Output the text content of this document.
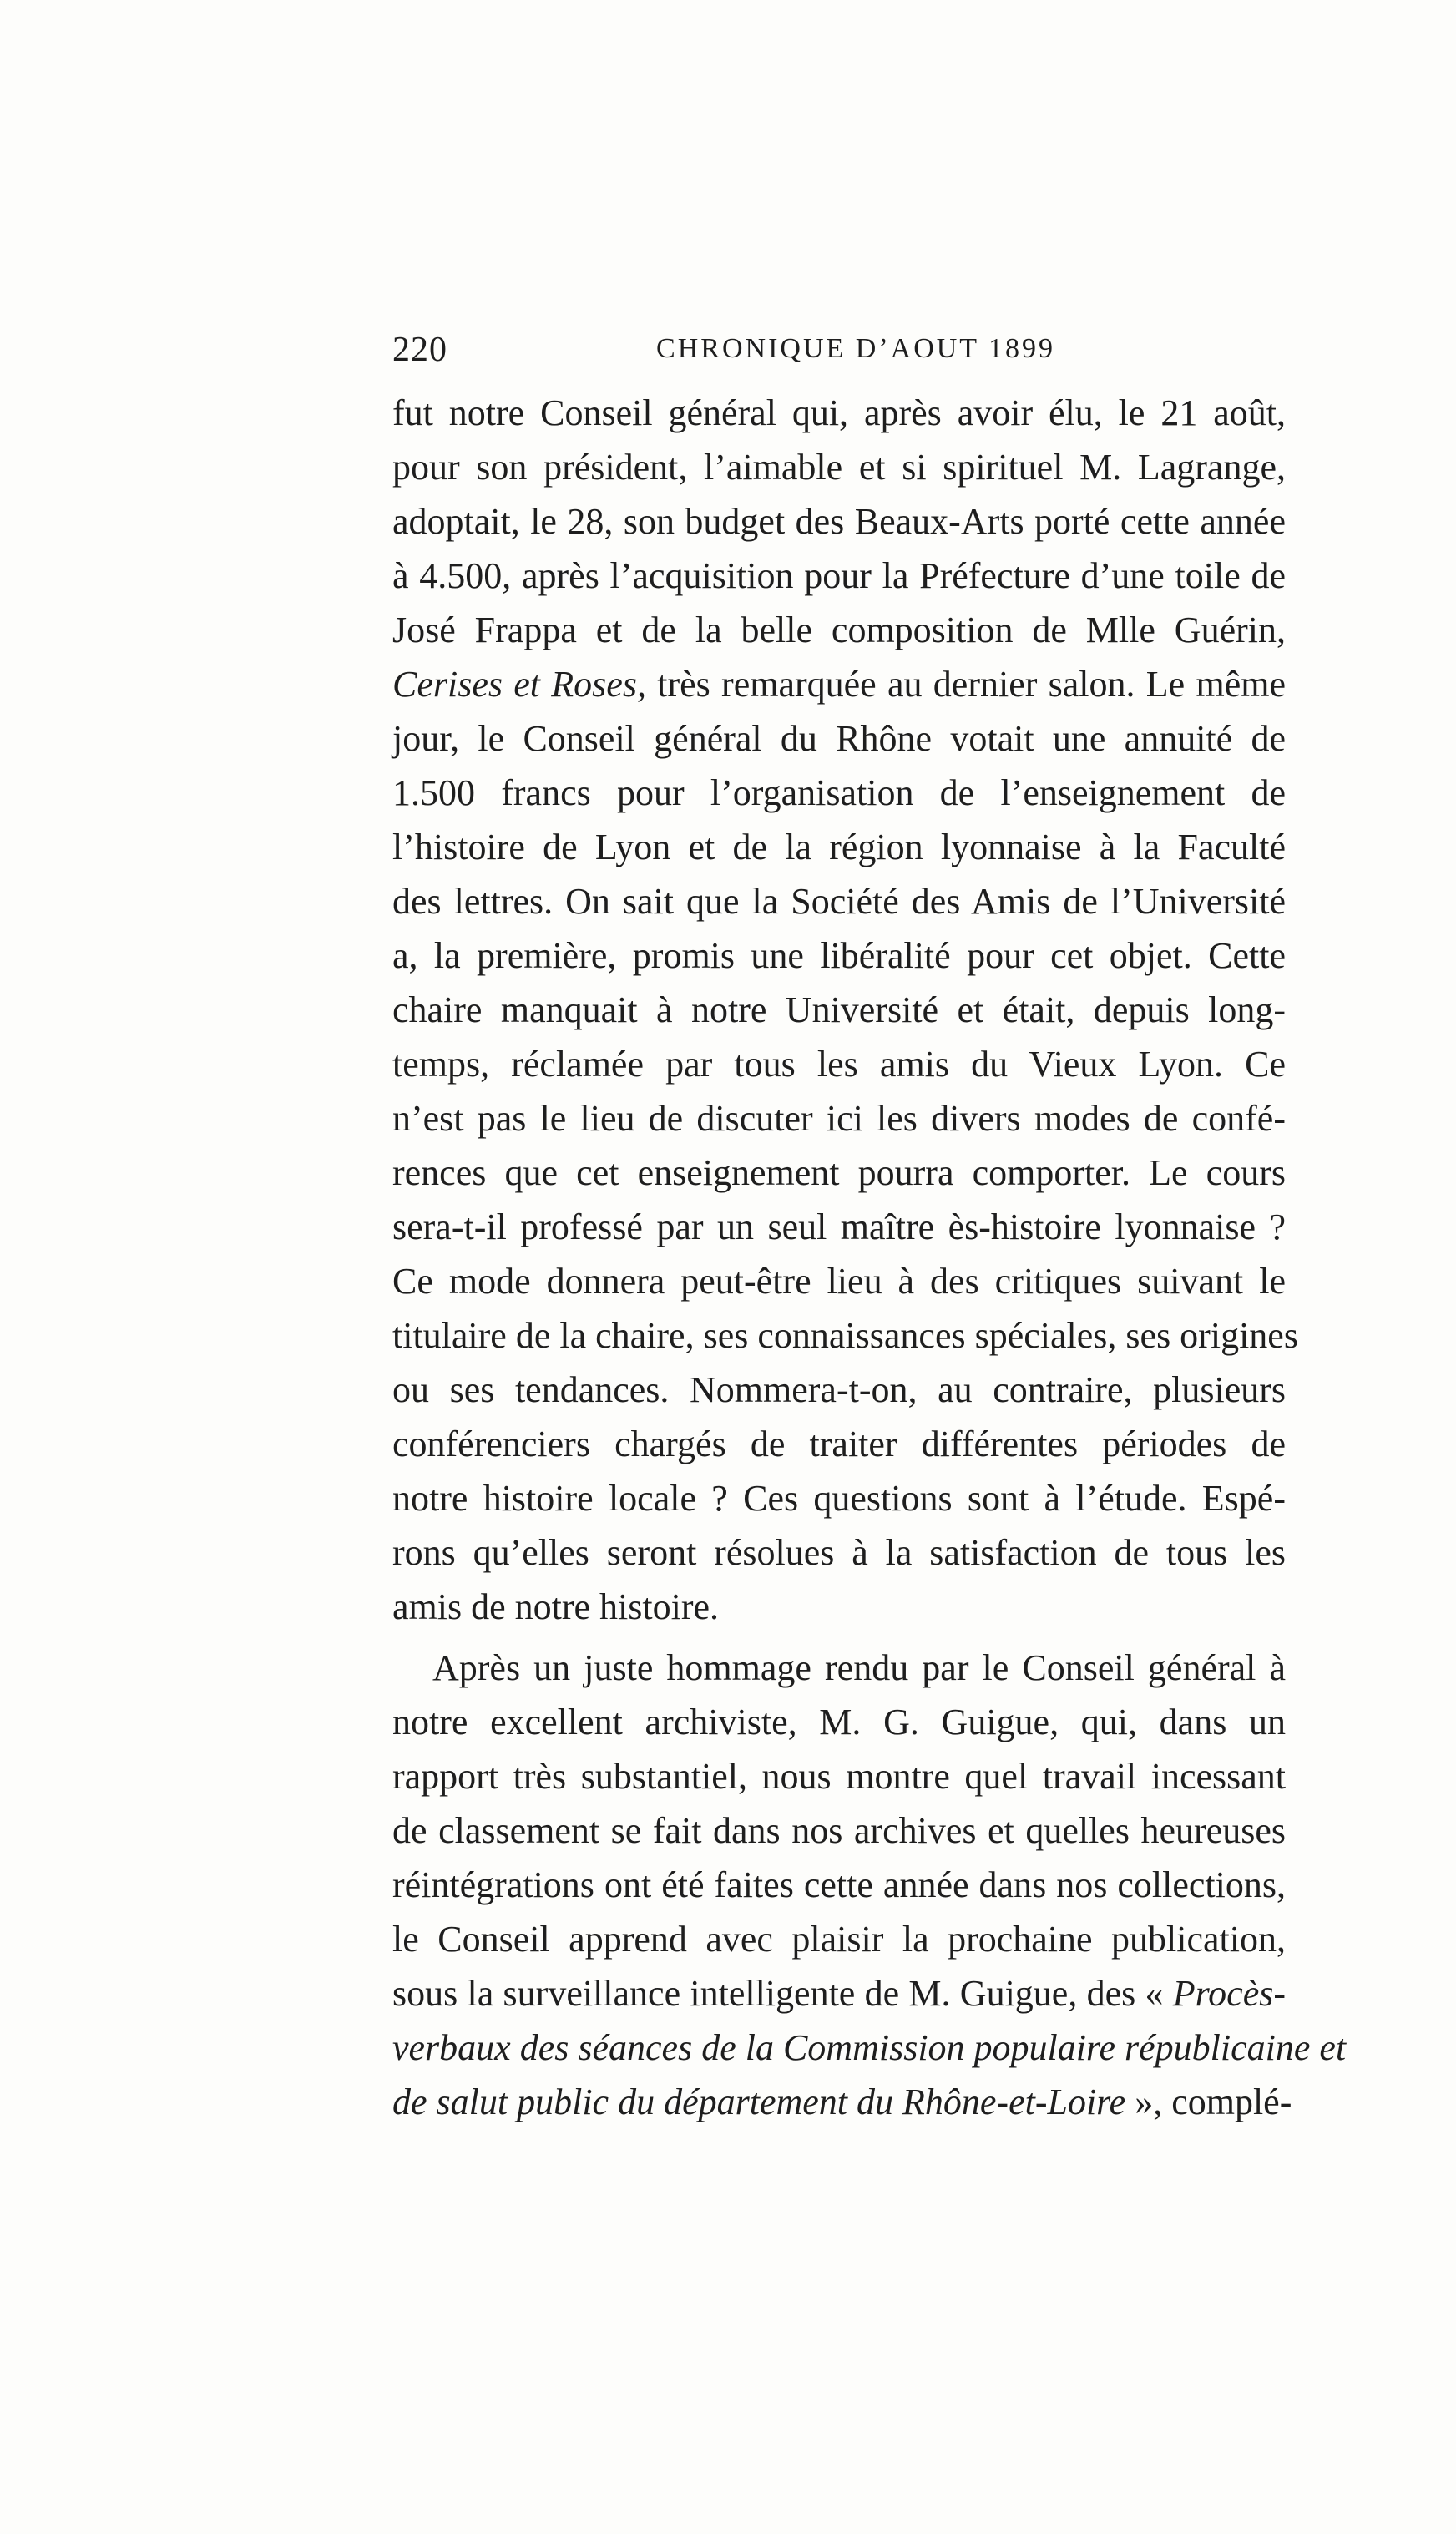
220	CHRONIQUE D’AOUT 1899
fut notre Conseil général qui, après avoir élu, le 21 août,
pour son président, l’aimable et si spirituel M. Lagrange,
adoptait, le 28, son budget des Beaux-Arts porté cette année
à 4.500, après l’acquisition pour la Préfecture d’une toile de
José Frappa et de la belle composition de Mlle Guérin,
Cerises et Roses, très remarquée au dernier salon. Le même
jour, le Conseil général du Rhône votait une annuité de
1.500 francs pour l’organisation de l’enseignement de
l’histoire de Lyon et de la région lyonnaise à la Faculté
des lettres. On sait que la Société des Amis de l’Université
a, la première, promis une libéralité pour cet objet. Cette
chaire manquait à notre Université et était, depuis long-
temps, réclamée par tous les amis du Vieux Lyon. Ce
n’est pas le lieu de discuter ici les divers modes de confé-
rences que cet enseignement pourra comporter. Le cours
sera-t-il professé par un seul maître ès-histoire lyonnaise ?
Ce mode donnera peut-être lieu à des critiques suivant le
titulaire de la chaire, ses connaissances spéciales, ses origines
ou ses tendances. Nommera-t-on, au contraire, plusieurs
conférenciers chargés de traiter différentes périodes de
notre histoire locale ? Ces questions sont à l’étude. Espé-
rons qu’elles seront résolues à la satisfaction de tous les
amis de notre histoire.
Après un juste hommage rendu par le Conseil général à
notre excellent archiviste, M. G. Guigue, qui, dans un
rapport très substantiel, nous montre quel travail incessant
de classement se fait dans nos archives et quelles heureuses
réintégrations ont été faites cette année dans nos collections,
le Conseil apprend avec plaisir la prochaine publication,
sous la surveillance intelligente de M. Guigue, des « Procès-
verbaux des séances de la Commission populaire républicaine et
de salut public du département du Rhône-et-Loire », complé-
